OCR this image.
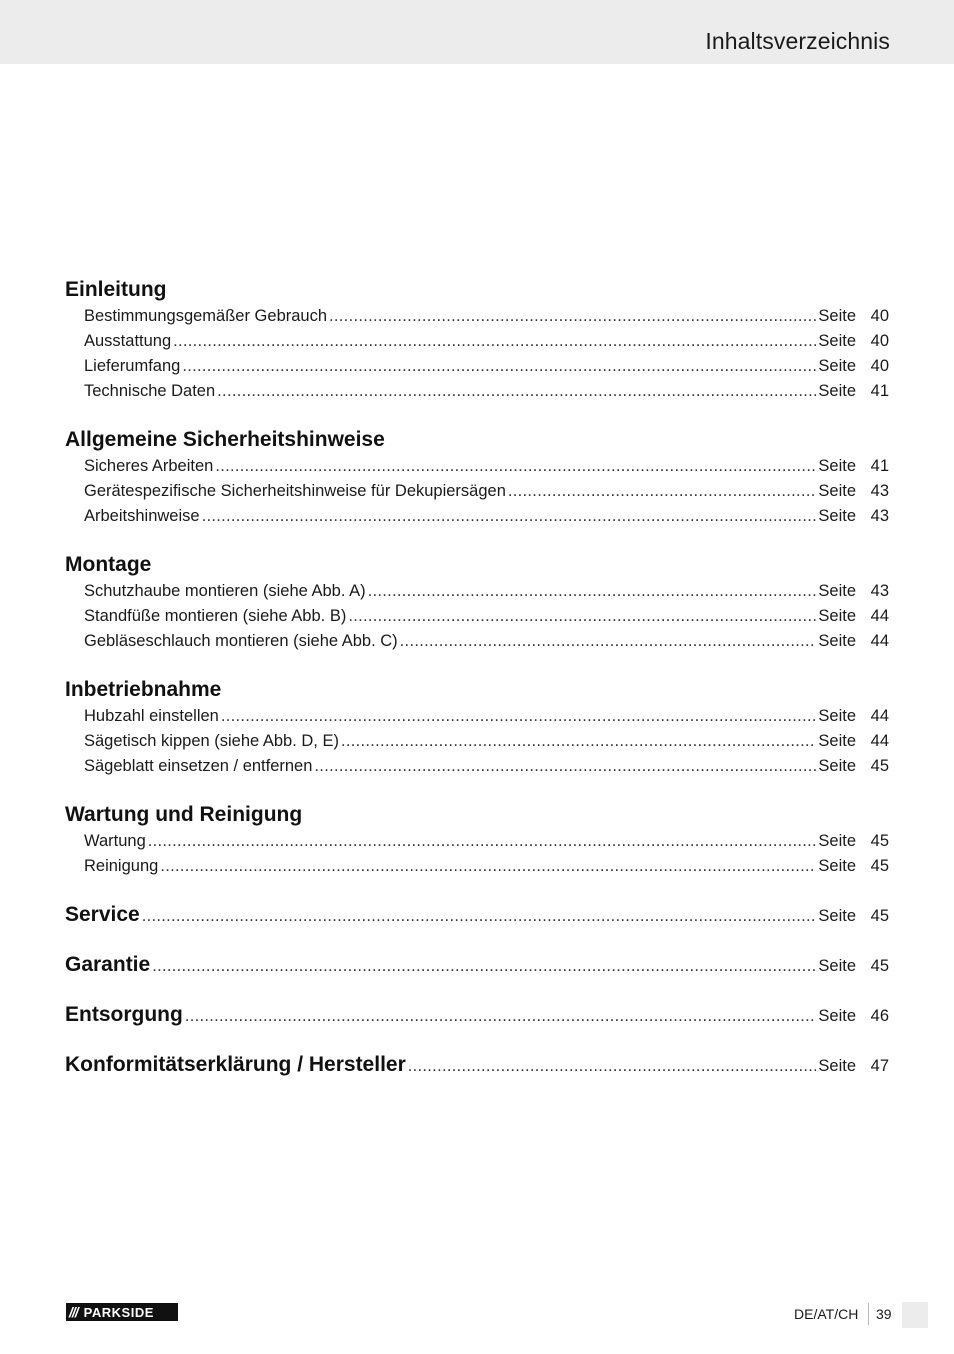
Inhaltsverzeichnis
Einleitung
Bestimmungsgemäßer Gebrauch .....	Seite 40
Ausstattung .....	Seite 40
Lieferumfang .....	Seite 40
Technische Daten .....	Seite 41
Allgemeine Sicherheitshinweise
Sicheres Arbeiten .....	Seite 41
Gerätespezifische Sicherheitshinweise für Dekupiersägen .....	Seite 43
Arbeitshinweise .....	Seite 43
Montage
Schutzhaube montieren (siehe Abb. A) .....	Seite 43
Standfüße montieren (siehe Abb. B) .....	Seite 44
Gebläseschlauch montieren (siehe Abb. C) .....	Seite 44
Inbetriebnahme
Hubzahl einstellen .....	Seite 44
Sägetisch kippen (siehe Abb. D, E) .....	Seite 44
Sägeblatt einsetzen / entfernen .....	Seite 45
Wartung und Reinigung
Wartung .....	Seite 45
Reinigung .....	Seite 45
Service .....	Seite 45
Garantie .....	Seite 45
Entsorgung .....	Seite 46
Konformitätserklärung / Hersteller .....	Seite 47
/// PARKSIDE	DE/AT/CH 39
